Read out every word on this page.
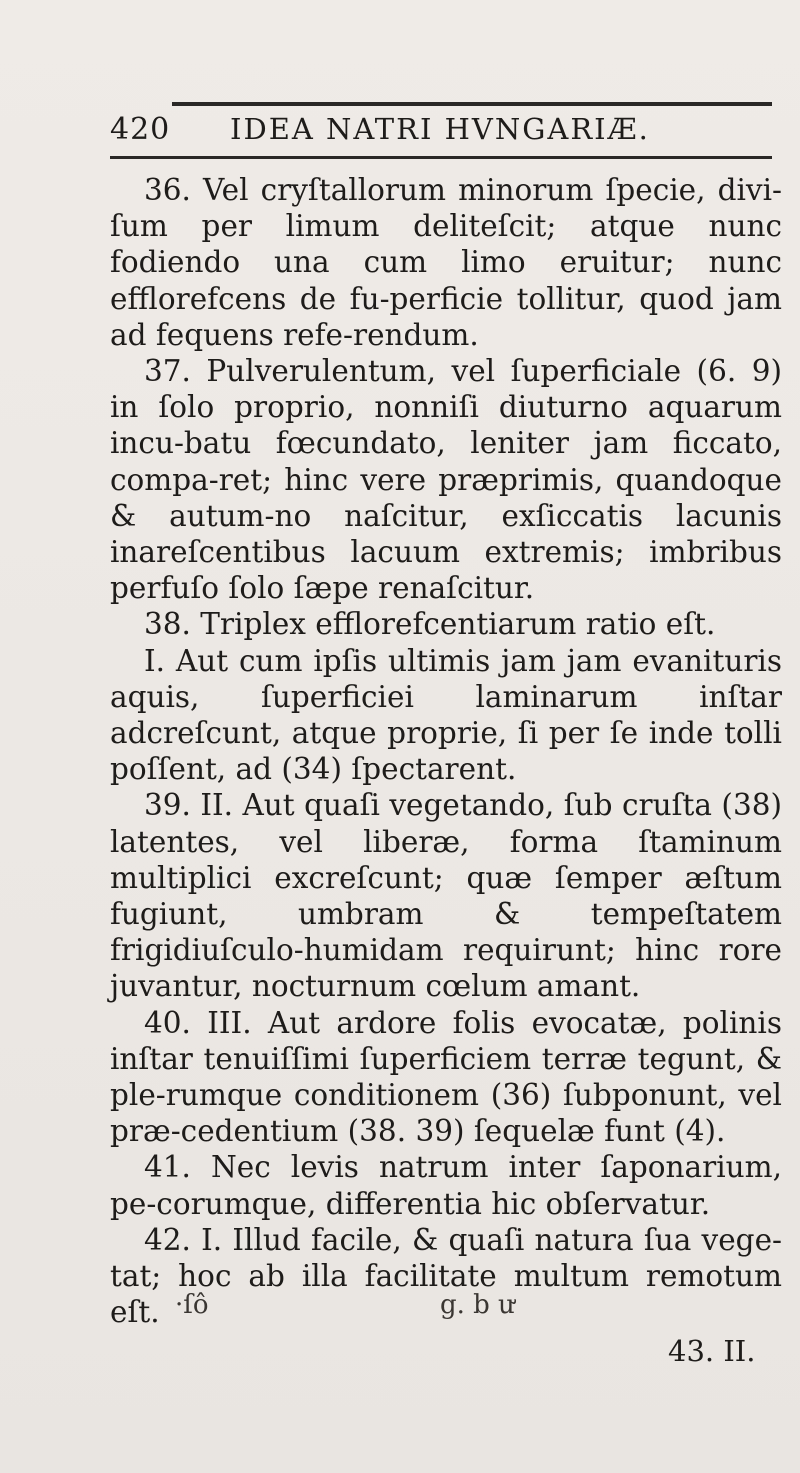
420 IDEA NATRI HVNGARIÆ.

36. Vel cryſtallorum minorum ſpecie, divi-ſum per limum deliteſcit; atque nunc fodiendo una cum limo eruitur; nunc efflorefcens de fu-perficie tollitur, quod jam ad fequens refe-rendum.

37. Pulverulentum, vel ſuperficiale (6. 9) in ſolo proprio, nonniſi diuturno aquarum incu-batu fœcundato, leniter jam ficcato, compa-ret; hinc vere præprimis, quandoque & autum-no naſcitur, exſiccatis lacunis inareſcentibus lacuum extremis; imbribus perfuſo ſolo ſæpe renaſcitur.

38. Triplex efflorefcentiarum ratio eſt.

I. Aut cum ipſis ultimis jam jam evanituris aquis, ſuperficiei laminarum inſtar adcreſcunt, atque proprie, ſi per ſe inde tolli poſſent, ad (34) ſpectarent.

39. II. Aut quaſi vegetando, ſub cruſta (38) latentes, vel liberæ, forma ſtaminum multiplici excreſcunt; quæ ſemper æſtum fugiunt, umbram & tempeſtatem frigidiuſculo-humidam requirunt; hinc rore juvantur, nocturnum cœlum amant.

40. III. Aut ardore folis evocatæ, polinis inſtar tenuiſſimi ſuperficiem terræ tegunt, & ple-rumque conditionem (36) ſubponunt, vel præ-cedentium (38. 39) ſequelæ funt (4).

41. Nec levis natrum inter ſaponarium, pe-corumque, differentia hic obſervatur.

42. I. Illud facile, & quaſi natura ſua vege-tat; hoc ab illa facilitate multum remotum eſt. ·ſô	g. b ư
43. II.
